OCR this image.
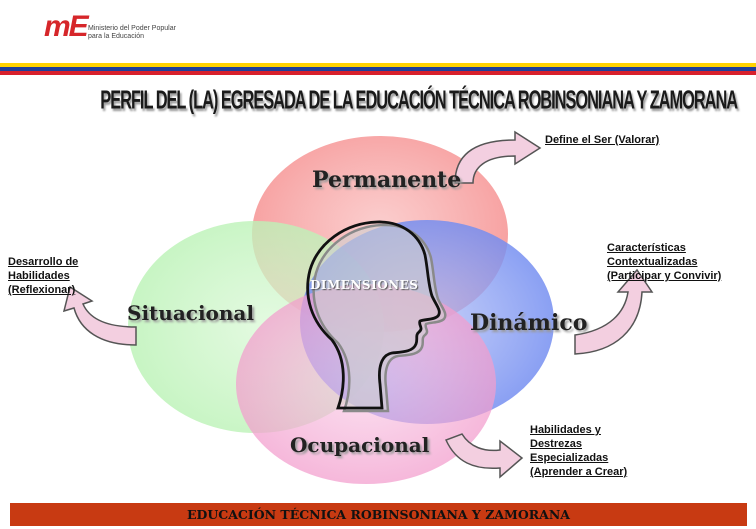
mE Ministerio del Poder Popular
para la Educación
PERFIL DEL (LA) EGRESADA DE LA EDUCACIÓN TÉCNICA ROBINSONIANA Y ZAMORANA
DIMENSIONES
Permanente
Dinámico
Situacional
Ocupacional
Define el Ser (Valorar)
Características
Contextualizadas
(Participar y Convivir)
Desarrollo de
Habilidades
(Reflexionar)
Habilidades y
Destrezas
Especializadas
(Aprender a Crear)
EDUCACIÓN TÉCNICA ROBINSONIANA Y ZAMORANA
